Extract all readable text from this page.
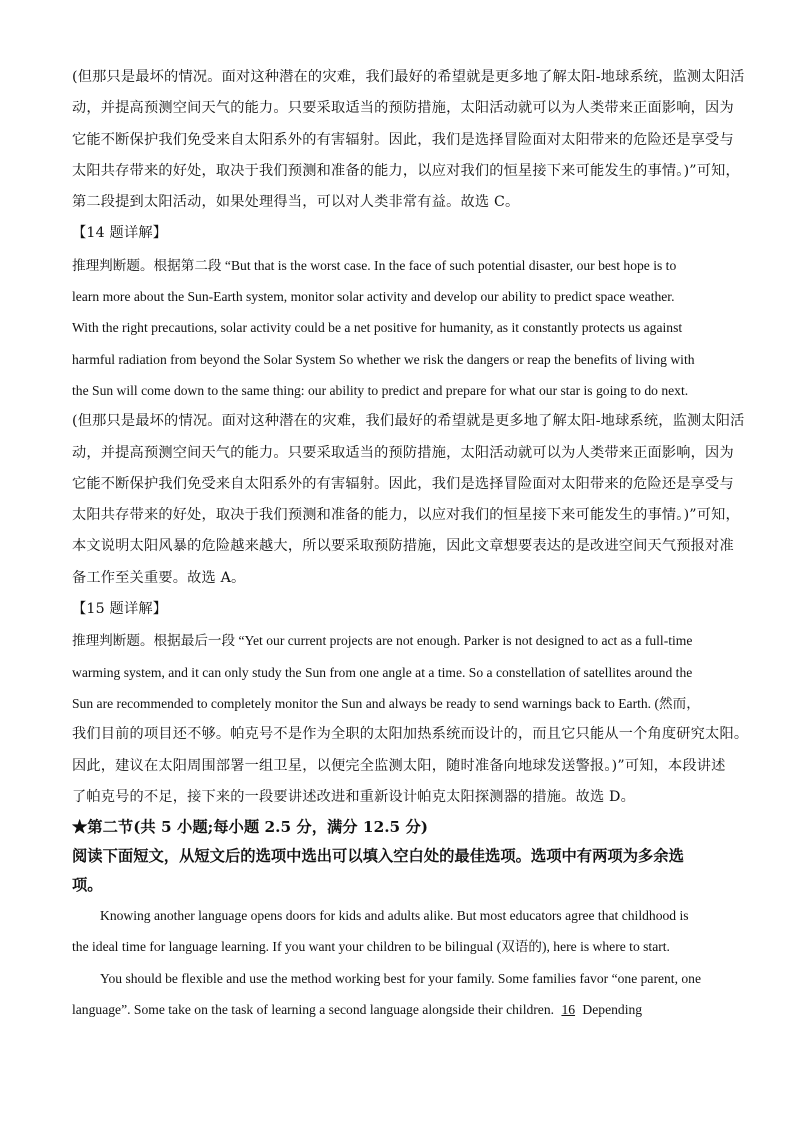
(但那只是最坏的情况。面对这种潜在的灾难，我们最好的希望就是更多地了解太阳-地球系统，监测太阳活
动，并提高预测空间天气的能力。只要采取适当的预防措施，太阳活动就可以为人类带来正面影响，因为
它能不断保护我们免受来自太阳系外的有害辐射。因此，我们是选择冒险面对太阳带来的危险还是享受与
太阳共存带来的好处，取决于我们预测和准备的能力，以应对我们的恒星接下来可能发生的事情。)”可知，
第二段提到太阳活动，如果处理得当，可以对人类非常有益。故选 C。
【14 题详解】
推理判断题。根据第二段 “But that is the worst case. In the face of such potential disaster, our best hope is to
learn more about the Sun-Earth system, monitor solar activity and develop our ability to predict space weather.
With the right precautions, solar activity could be a net positive for humanity, as it constantly protects us against
harmful radiation from beyond the Solar System So whether we risk the dangers or reap the benefits of living with
the Sun will come down to the same thing: our ability to predict and prepare for what our star is going to do next.
(但那只是最坏的情况。面对这种潜在的灾难，我们最好的希望就是更多地了解太阳-地球系统，监测太阳活
动，并提高预测空间天气的能力。只要采取适当的预防措施，太阳活动就可以为人类带来正面影响，因为
它能不断保护我们免受来自太阳系外的有害辐射。因此，我们是选择冒险面对太阳带来的危险还是享受与
太阳共存带来的好处，取决于我们预测和准备的能力，以应对我们的恒星接下来可能发生的事情。)”可知，
本文说明太阳风暴的危险越来越大，所以要采取预防措施，因此文章想要表达的是改进空间天气预报对准
备工作至关重要。故选 A。
【15 题详解】
推理判断题。根据最后一段 “Yet our current projects are not enough. Parker is not designed to act as a full-time
warming system, and it can only study the Sun from one angle at a time. So a constellation of satellites around the
Sun are recommended to completely monitor the Sun and always be ready to send warnings back to Earth. (然而，
我们目前的项目还不够。帕克号不是作为全职的太阳加热系统而设计的，而且它只能从一个角度研究太阳。
因此，建议在太阳周围部署一组卫星，以便完全监测太阳，随时准备向地球发送警报。)”可知，本段讲述
了帕克号的不足，接下来的一段要讲述改进和重新设计帕克太阳探测器的措施。故选 D。
★第二节(共 5 小题;每小题 2.5 分，满分 12.5 分)
阅读下面短文，从短文后的选项中选出可以填入空白处的最佳选项。选项中有两项为多余选
项。
Knowing another language opens doors for kids and adults alike. But most educators agree that childhood is
the ideal time for language learning. If you want your children to be bilingual (双语的), here is where to start.
You should be flexible and use the method working best for your family. Some families favor “one parent, one
language”. Some take on the task of learning a second language alongside their children. 16 Depending
